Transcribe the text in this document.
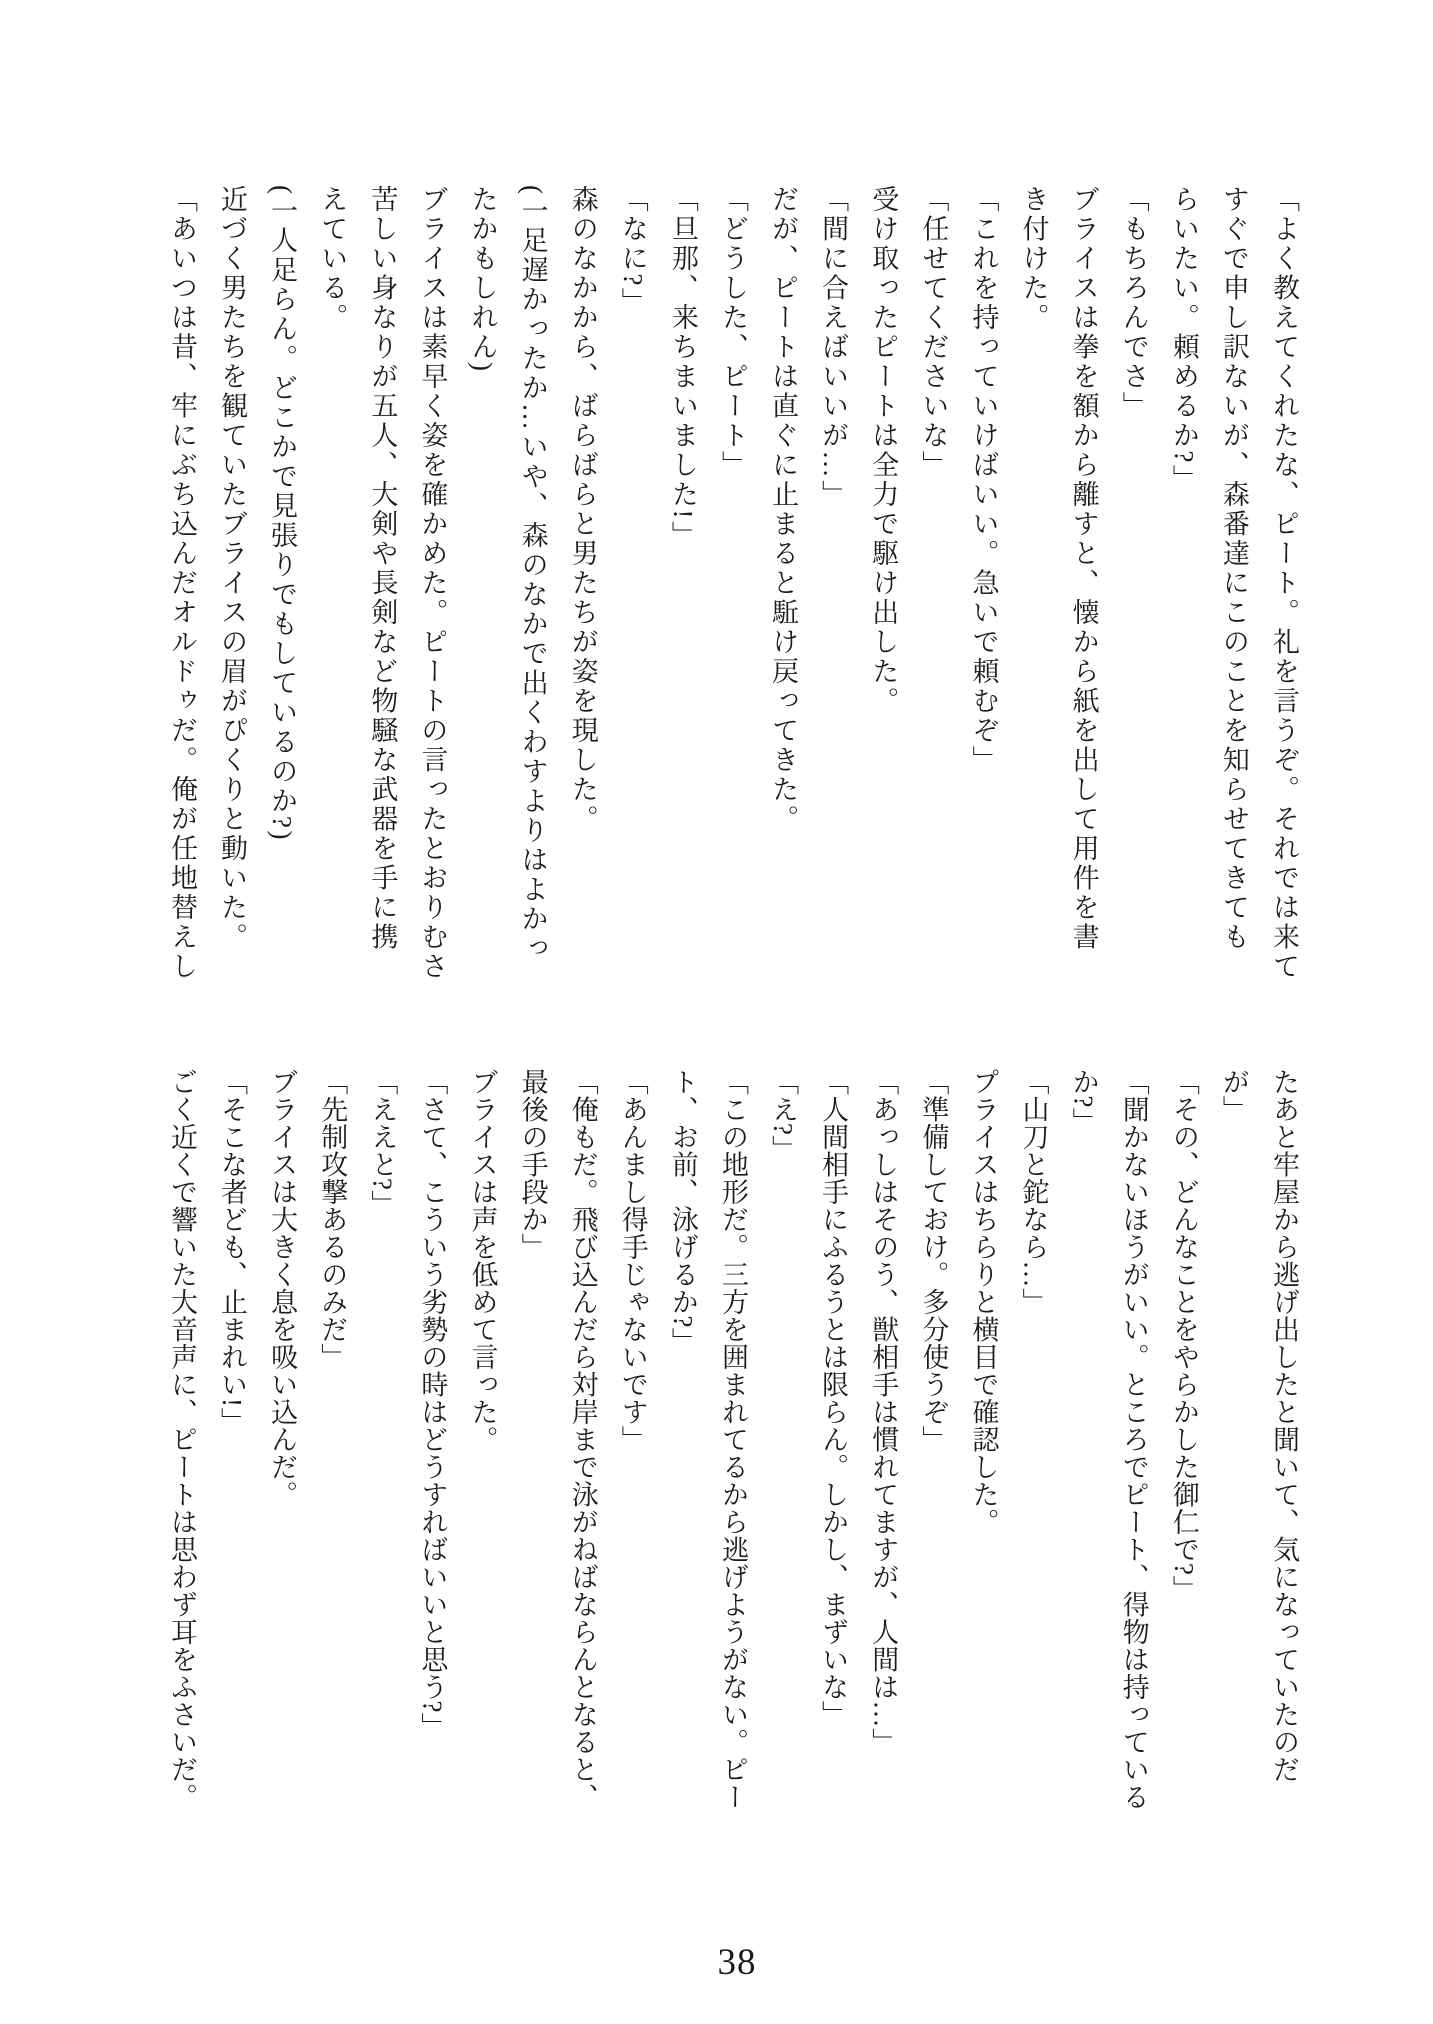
「よく教えてくれたな、ピート。礼を言うぞ。それでは来て
すぐで申し訳ないが、森番達にこのことを知らせてきても
らいたい。頼めるか?」
「もちろんでさ」
ブライスは拳を額から離すと、懐から紙を出して用件を書
き付けた。
「これを持っていけばいい。急いで頼むぞ」
「任せてくださいな」
受け取ったピートは全力で駆け出した。
「間に合えばいいが…」
だが、ピートは直ぐに止まると駈け戻ってきた。
「どうした、ピート」
「旦那、来ちまいました!」
「なに?」
森のなかから、ばらばらと男たちが姿を現した。
(一足遅かったか…いや、森のなかで出くわすよりはよかっ
たかもしれん)
ブライスは素早く姿を確かめた。ピートの言ったとおりむさ
苦しい身なりが五人、大剣や長剣など物騒な武器を手に携
えている。
(一人足らん。どこかで見張りでもしているのか?)
近づく男たちを観ていたブライスの眉がぴくりと動いた。
「あいつは昔、牢にぶち込んだオルドゥだ。俺が任地替えし
たあと牢屋から逃げ出したと聞いて、気になっていたのだ
が」
「その、どんなことをやらかした御仁で?」
「聞かないほうがいい。ところでピート、得物は持っている
か?」
「山刀と鉈なら…」
プライスはちらりと横目で確認した。
「準備しておけ。多分使うぞ」
「あっしはそのう、獣相手は慣れてますが、人間は…」
「人間相手にふるうとは限らん。しかし、まずいな」
「え?」
「この地形だ。三方を囲まれてるから逃げようがない。ピー
ト、お前、泳げるか?」
「あんまし得手じゃないです」
「俺もだ。飛び込んだら対岸まで泳がねばならんとなると、
最後の手段か」
ブライスは声を低めて言った。
「さて、こういう劣勢の時はどうすればいいと思う?」
「ええと?」
「先制攻撃あるのみだ」
ブライスは大きく息を吸い込んだ。
「そこな者ども、止まれい!」
ごく近くで響いた大音声に、ピートは思わず耳をふさいだ。
38
